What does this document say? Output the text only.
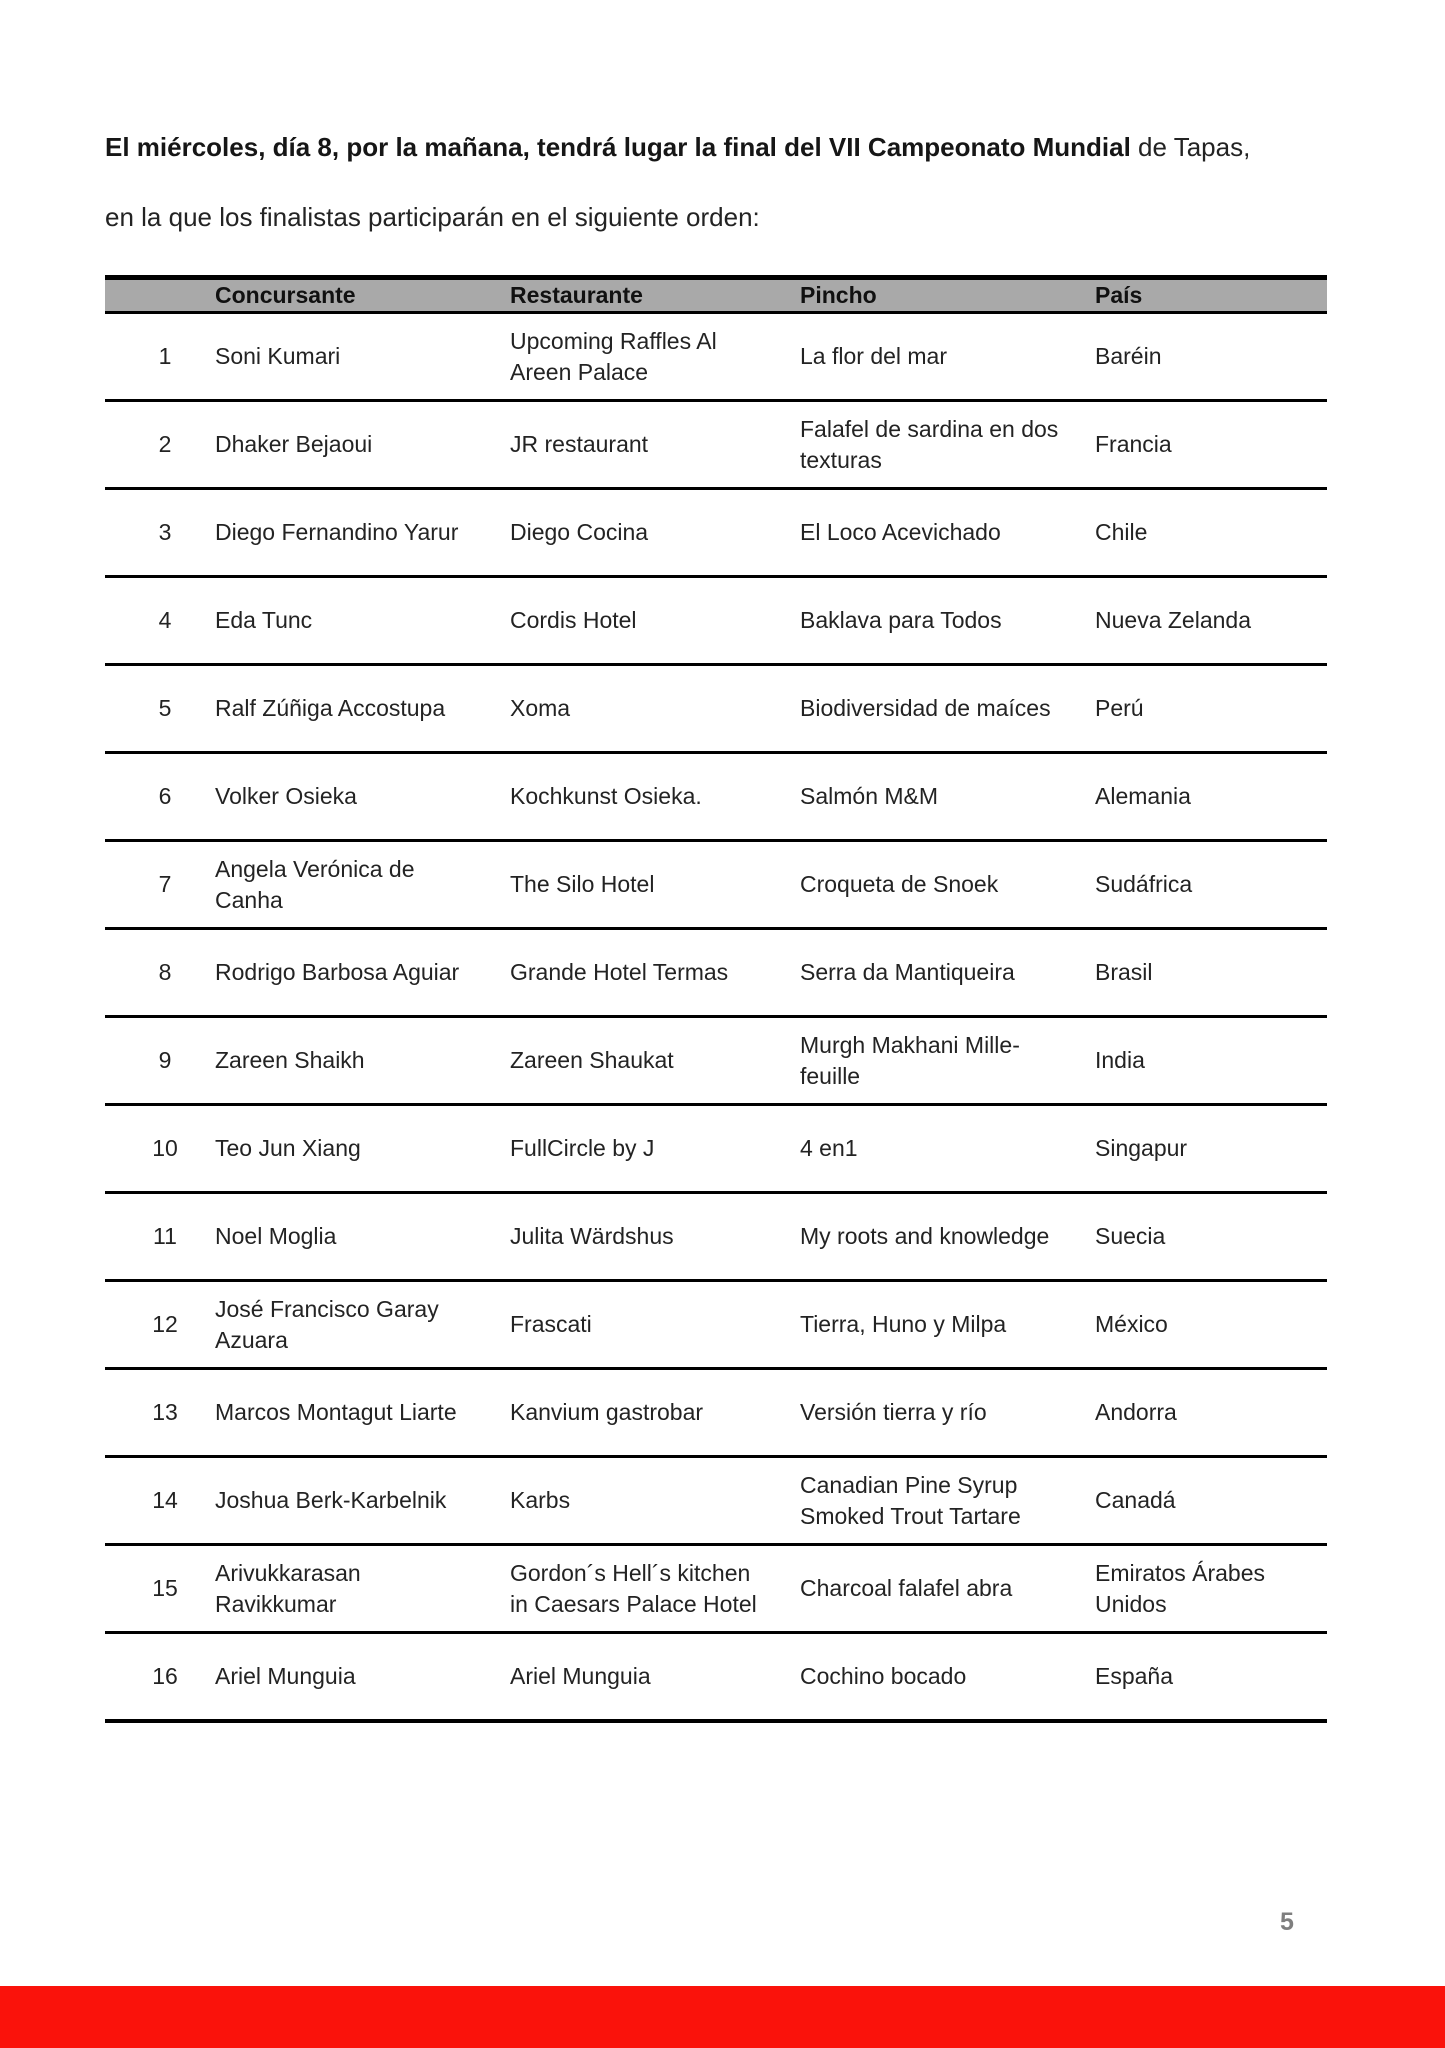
El miércoles, día 8, por la mañana, tendrá lugar la final del VII Campeonato Mundial de Tapas,
en la que los finalistas participarán en el siguiente orden:

	Concursante	Restaurante	Pincho	País
1	Soni Kumari	Upcoming Raffles Al Areen Palace	La flor del mar	Baréin
2	Dhaker Bejaoui	JR restaurant	Falafel de sardina en dos texturas	Francia
3	Diego Fernandino Yarur	Diego Cocina	El Loco Acevichado	Chile
4	Eda Tunc	Cordis Hotel	Baklava para Todos	Nueva Zelanda
5	Ralf Zúñiga Accostupa	Xoma	Biodiversidad de maíces	Perú
6	Volker Osieka	Kochkunst Osieka.	Salmón M&M	Alemania
7	Angela Verónica de Canha	The Silo Hotel	Croqueta de Snoek	Sudáfrica
8	Rodrigo Barbosa Aguiar	Grande Hotel Termas	Serra da Mantiqueira	Brasil
9	Zareen Shaikh	Zareen Shaukat	Murgh Makhani Mille-feuille	India
10	Teo Jun Xiang	FullCircle by J	4 en1	Singapur
11	Noel Moglia	Julita Wärdshus	My roots and knowledge	Suecia
12	José Francisco Garay Azuara	Frascati	Tierra, Huno y Milpa	México
13	Marcos Montagut Liarte	Kanvium gastrobar	Versión tierra y río	Andorra
14	Joshua Berk-Karbelnik	Karbs	Canadian Pine Syrup Smoked Trout Tartare	Canadá
15	Arivukkarasan Ravikkumar	Gordon´s Hell´s kitchen in Caesars Palace Hotel	Charcoal falafel abra	Emiratos Árabes Unidos
16	Ariel Munguia	Ariel Munguia	Cochino bocado	España
5
